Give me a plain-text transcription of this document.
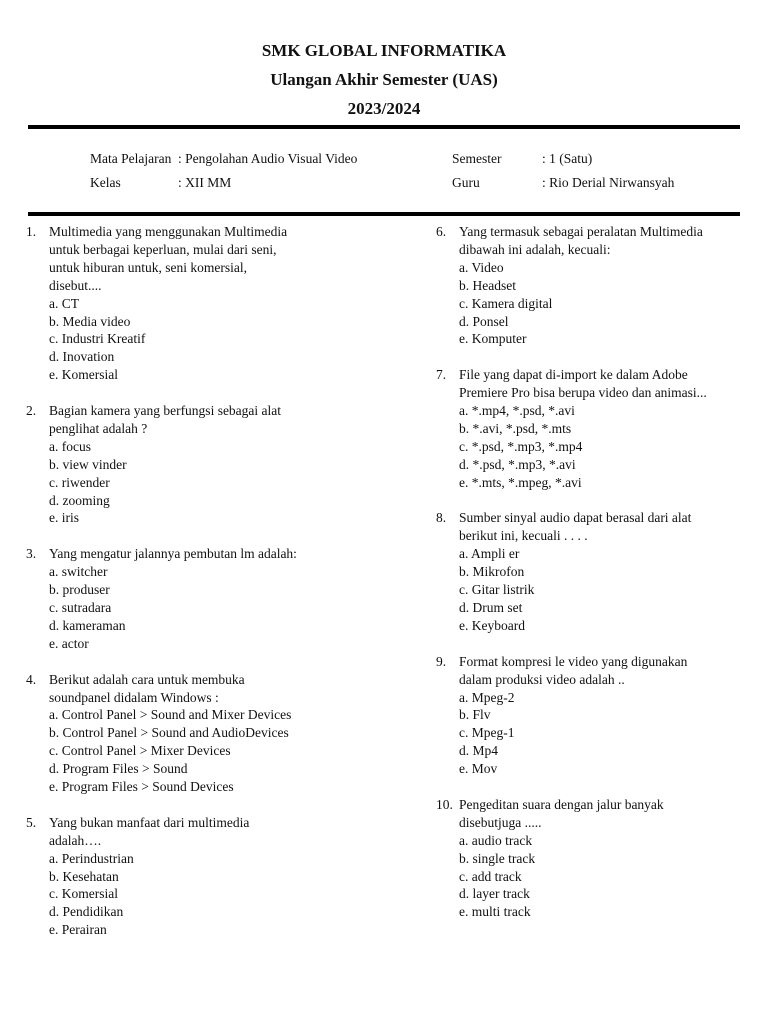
SMK GLOBAL INFORMATIKA
Ulangan Akhir Semester (UAS)
2023/2024
Mata Pelajaran : Pengolahan Audio Visual Video
Kelas	: XII MM
Semester	: 1 (Satu)
Guru	: Rio Derial Nirwansyah
1. Multimedia yang menggunakan Multimedia
untuk berbagai keperluan, mulai dari seni,
untuk hiburan untuk, seni komersial,
disebut....
a. CT
b. Media video
c. Industri Kreatif
d. Inovation
e. Komersial
2. Bagian kamera yang berfungsi sebagai alat
penglihat adalah ?
a. focus
b. view vinder
c. riwender
d. zooming
e. iris
3. Yang mengatur jalannya pembutan lm adalah:
a. switcher
b. produser
c. sutradara
d. kameraman
e. actor
4. Berikut adalah cara untuk membuka
soundpanel didalam Windows :
a. Control Panel > Sound and Mixer Devices
b. Control Panel > Sound and AudioDevices
c. Control Panel > Mixer Devices
d. Program Files > Sound
e. Program Files > Sound Devices
5. Yang bukan manfaat dari multimedia
adalah….
a. Perindustrian
b. Kesehatan
c. Komersial
d. Pendidikan
e. Perairan
6. Yang termasuk sebagai peralatan Multimedia
dibawah ini adalah, kecuali:
a. Video
b. Headset
c. Kamera digital
d. Ponsel
e. Komputer
7. File yang dapat di-import ke dalam Adobe
Premiere Pro bisa berupa video dan animasi...
a. *.mp4, *.psd, *.avi
b. *.avi, *.psd, *.mts
c. *.psd, *.mp3, *.mp4
d. *.psd, *.mp3, *.avi
e. *.mts, *.mpeg, *.avi
8. Sumber sinyal audio dapat berasal dari alat
berikut ini, kecuali . . . .
a. Ampli er
b. Mikrofon
c. Gitar listrik
d. Drum set
e. Keyboard
9. Format kompresi le video yang digunakan
dalam produksi video adalah ..
a. Mpeg-2
b. Flv
c. Mpeg-1
d. Mp4
e. Mov
10. Pengeditan suara dengan jalur banyak
disebutjuga .....
a. audio track
b. single track
c. add track
d. layer track
e. multi track
